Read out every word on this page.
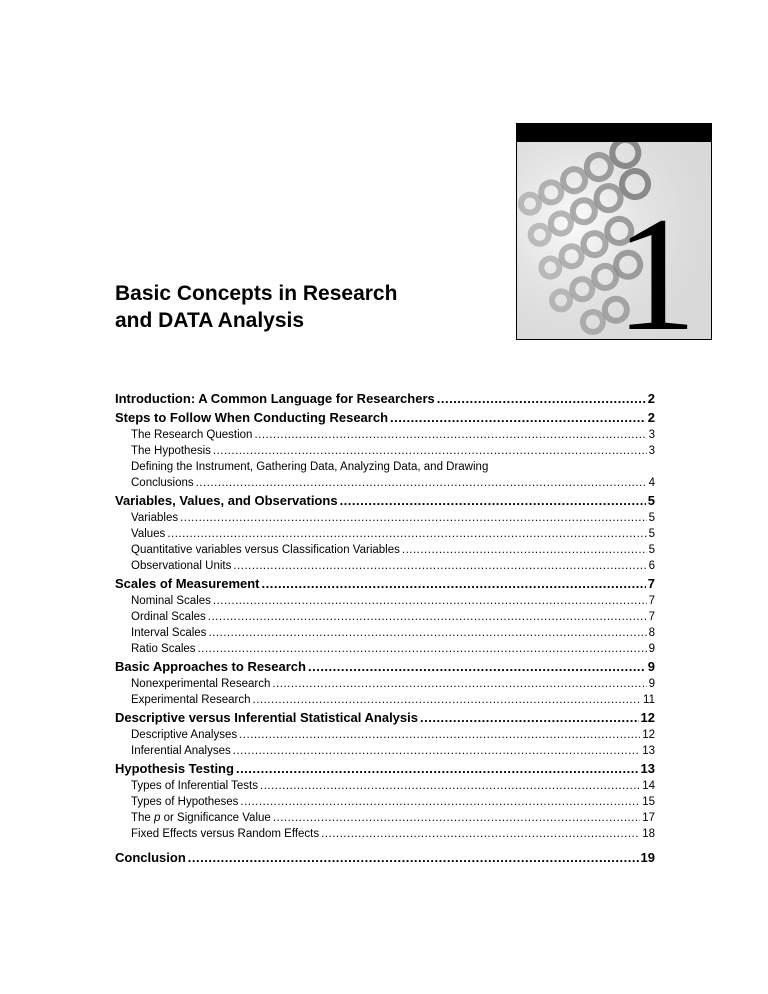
1
Basic Concepts in Research
and DATA Analysis
Introduction: A Common Language for Researchers .....	2
Steps to Follow When Conducting Research .....	2
The Research Question .....	3
The Hypothesis .....	3
Defining the Instrument, Gathering Data, Analyzing Data, and Drawing
Conclusions .....	4
Variables, Values, and Observations .....	5
Variables .....	5
Values .....	5
Quantitative variables versus Classification Variables .....	5
Observational Units .....	6
Scales of Measurement .....	7
Nominal Scales .....	7
Ordinal Scales .....	7
Interval Scales .....	8
Ratio Scales .....	9
Basic Approaches to Research .....	9
Nonexperimental Research .....	9
Experimental Research .....	11
Descriptive versus Inferential Statistical Analysis .....	12
Descriptive Analyses .....	12
Inferential Analyses .....	13
Hypothesis Testing .....	13
Types of Inferential Tests .....	14
Types of Hypotheses .....	15
The p or Significance Value .....	17
Fixed Effects versus Random Effects .....	18
Conclusion .....	19
